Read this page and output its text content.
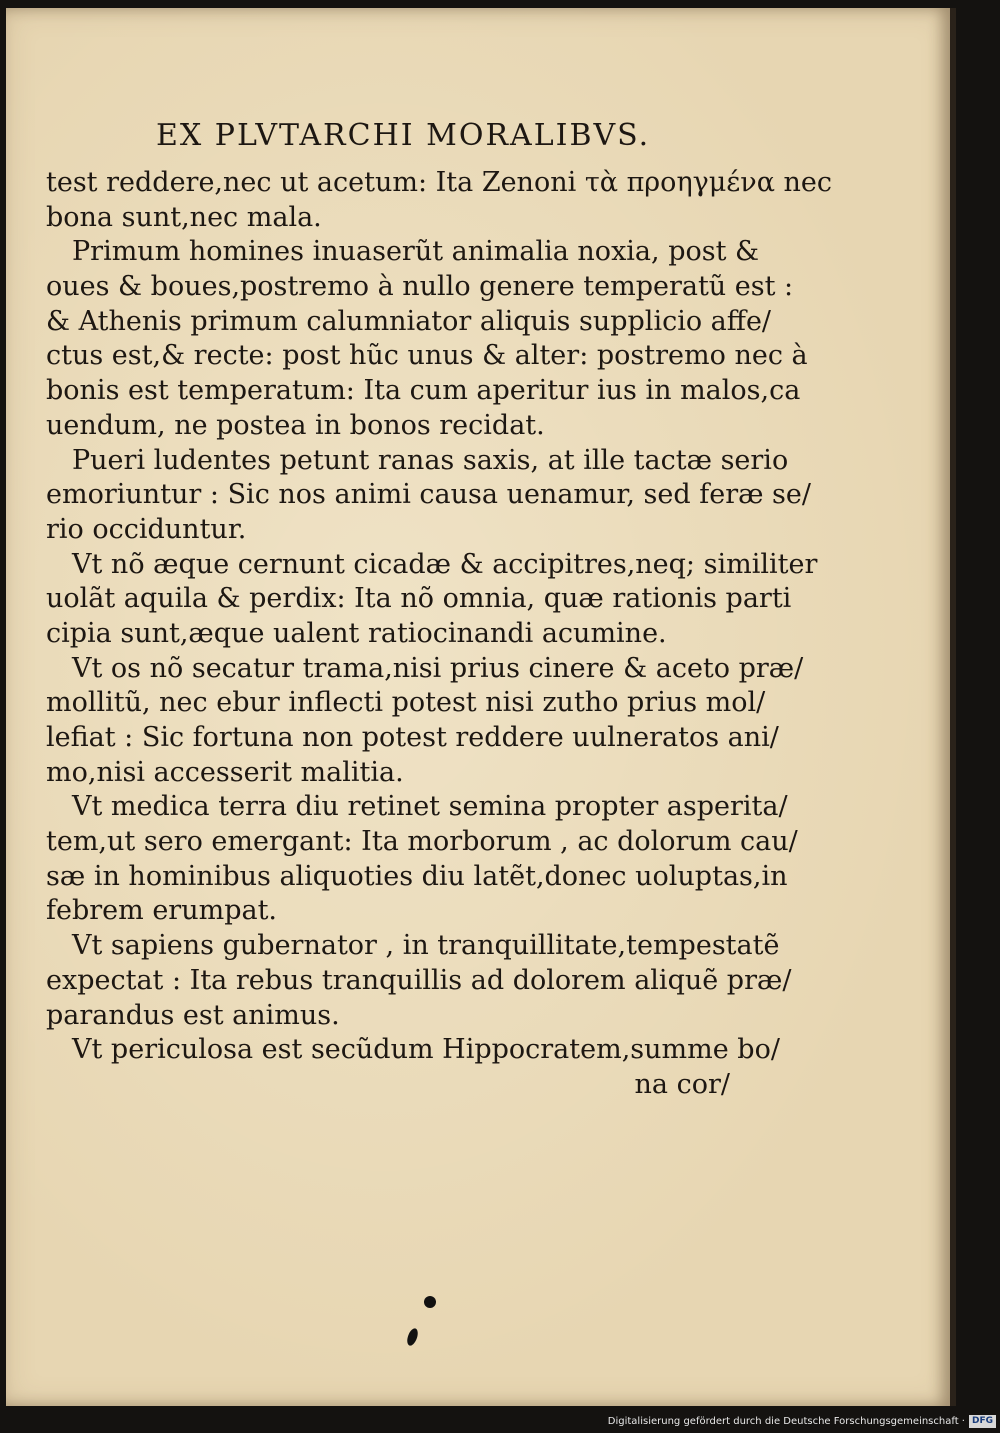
EX PLVTARCHI MORALIBVS.
test reddere,nec ut acetum: Ita Zenoni τὰ προηγμένα nec
bona sunt,nec mala.
Primum homines inuaserũt animalia noxia, post &
oues & boues,postremo à nullo genere temperatũ est :
& Athenis primum calumniator aliquis supplicio affe/
ctus est,& recte: post hũc unus & alter: postremo nec à
bonis est temperatum: Ita cum aperitur ius in malos,ca
uendum, ne postea in bonos recidat.
Pueri ludentes petunt ranas saxis, at ille tactæ serio
emoriuntur : Sic nos animi causa uenamur, sed feræ se/
rio occiduntur.
Vt nõ æque cernunt cicadæ & accipitres,neq; similiter
uolãt aquila & perdix: Ita nõ omnia, quæ rationis parti
cipia sunt,æque ualent ratiocinandi acumine.
Vt os nõ secatur trama,nisi prius cinere & aceto præ/
mollitũ, nec ebur inflecti potest nisi zutho prius mol/
lefiat : Sic fortuna non potest reddere uulneratos ani/
mo,nisi accesserit malitia.
Vt medica terra diu retinet semina propter asperita/
tem,ut sero emergant: Ita morborum , ac dolorum cau/
sæ in hominibus aliquoties diu latẽt,donec uoluptas,in
febrem erumpat.
Vt sapiens gubernator , in tranquillitate,tempestatẽ
expectat : Ita rebus tranquillis ad dolorem aliquẽ præ/
parandus est animus.
Vt periculosa est secũdum Hippocratem,summe bo/
na cor/
Digitalisierung gefördert durch die Deutsche Forschungsgemeinschaft · DFG
